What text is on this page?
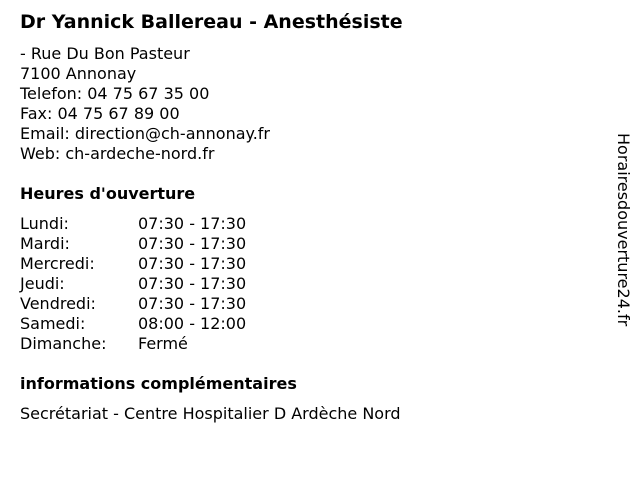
Dr Yannick Ballereau - Anesthésiste
- Rue Du Bon Pasteur
7100 Annonay
Telefon: 04 75 67 35 00
Fax: 04 75 67 89 00
Email: direction@ch-annonay.fr
Web: ch-ardeche-nord.fr
Heures d'ouverture
Lundi:	07:30 - 17:30
Mardi:	07:30 - 17:30
Mercredi:	07:30 - 17:30
Jeudi:	07:30 - 17:30
Vendredi:	07:30 - 17:30
Samedi:	08:00 - 12:00
Dimanche: Fermé
informations complémentaires
Secrétariat - Centre Hospitalier D Ardèche Nord
Horairesdouverture24.fr
